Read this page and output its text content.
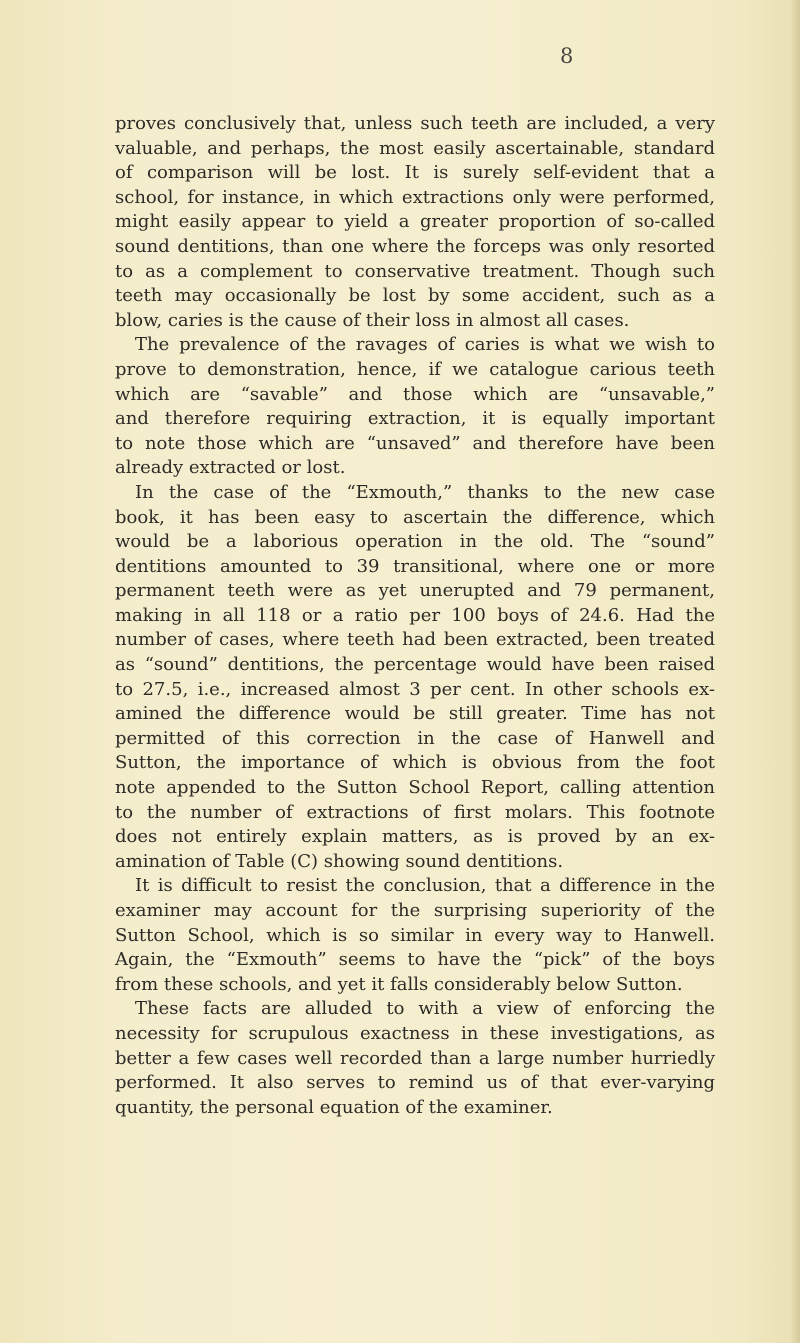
8
proves conclusively that, unless such teeth are included, a very
valuable, and perhaps, the most easily ascertainable, standard
of comparison will be lost. It is surely self-evident that a
school, for instance, in which extractions only were performed,
might easily appear to yield a greater proportion of so-called
sound dentitions, than one where the forceps was only resorted
to as a complement to conservative treatment. Though such
teeth may occasionally be lost by some accident, such as a
blow, caries is the cause of their loss in almost all cases.
The prevalence of the ravages of caries is what we wish to
prove to demonstration, hence, if we catalogue carious teeth
which are “savable” and those which are “unsavable,”
and therefore requiring extraction, it is equally important
to note those which are “unsaved” and therefore have been
already extracted or lost.
In the case of the “Exmouth,” thanks to the new case
book, it has been easy to ascertain the difference, which
would be a laborious operation in the old. The “sound”
dentitions amounted to 39 transitional, where one or more
permanent teeth were as yet unerupted and 79 permanent,
making in all 118 or a ratio per 100 boys of 24.6. Had the
number of cases, where teeth had been extracted, been treated
as “sound” dentitions, the percentage would have been raised
to 27.5, i.e., increased almost 3 per cent. In other schools ex-
amined the difference would be still greater. Time has not
permitted of this correction in the case of Hanwell and
Sutton, the importance of which is obvious from the foot
note appended to the Sutton School Report, calling attention
to the number of extractions of first molars. This footnote
does not entirely explain matters, as is proved by an ex-
amination of Table (C) showing sound dentitions.
It is difficult to resist the conclusion, that a difference in the
examiner may account for the surprising superiority of the
Sutton School, which is so similar in every way to Hanwell.
Again, the “Exmouth” seems to have the “pick” of the boys
from these schools, and yet it falls considerably below Sutton.
These facts are alluded to with a view of enforcing the
necessity for scrupulous exactness in these investigations, as
better a few cases well recorded than a large number hurriedly
performed. It also serves to remind us of that ever-varying
quantity, the personal equation of the examiner.
